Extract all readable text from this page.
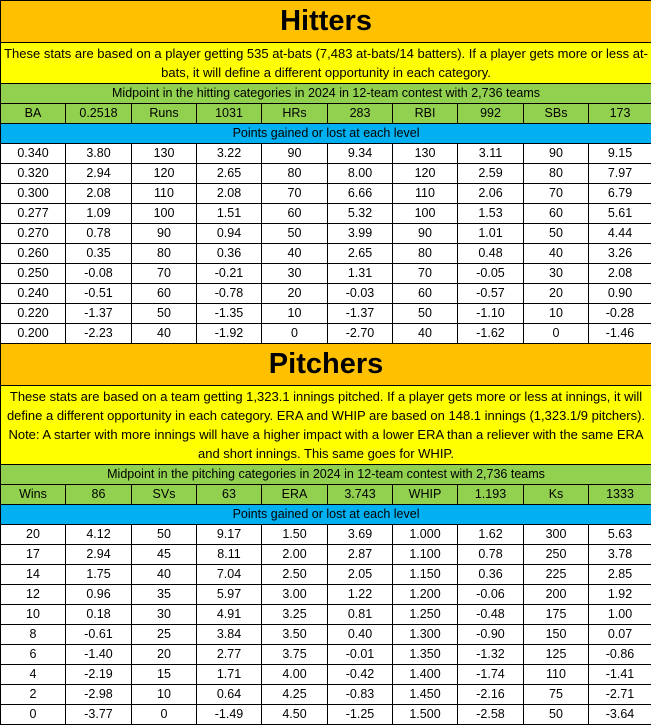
Hitters									
These stats are based on a player getting 535 at-bats (7,483 at-bats/14 batters). If a player gets more or less at-bats, it will define a different opportunity in each category.									
Midpoint in the hitting categories in 2024 in 12-team contest with 2,736 teams									
BA	0.2518	Runs	1031	HRs	283	RBI	992	SBs	173
Points gained or lost at each level									
0.340	3.80	130	3.22	90	9.34	130	3.11	90	9.15
0.320	2.94	120	2.65	80	8.00	120	2.59	80	7.97
0.300	2.08	110	2.08	70	6.66	110	2.06	70	6.79
0.277	1.09	100	1.51	60	5.32	100	1.53	60	5.61
0.270	0.78	90	0.94	50	3.99	90	1.01	50	4.44
0.260	0.35	80	0.36	40	2.65	80	0.48	40	3.26
0.250	-0.08	70	-0.21	30	1.31	70	-0.05	30	2.08
0.240	-0.51	60	-0.78	20	-0.03	60	-0.57	20	0.90
0.220	-1.37	50	-1.35	10	-1.37	50	-1.10	10	-0.28
0.200	-2.23	40	-1.92	0	-2.70	40	-1.62	0	-1.46
Pitchers									
These stats are based on a team getting 1,323.1 innings pitched. If a player gets more or less at innings, it will define a different opportunity in each category. ERA and WHIP are based on 148.1 innings (1,323.1/9 pitchers). Note: A starter with more innings will have a higher impact with a lower ERA than a reliever with the same ERA and short innings. This same goes for WHIP.									
Midpoint in the pitching categories in 2024 in 12-team contest with 2,736 teams									
Wins	86	SVs	63	ERA	3.743	WHIP	1.193	Ks	1333
Points gained or lost at each level									
20	4.12	50	9.17	1.50	3.69	1.000	1.62	300	5.63
17	2.94	45	8.11	2.00	2.87	1.100	0.78	250	3.78
14	1.75	40	7.04	2.50	2.05	1.150	0.36	225	2.85
12	0.96	35	5.97	3.00	1.22	1.200	-0.06	200	1.92
10	0.18	30	4.91	3.25	0.81	1.250	-0.48	175	1.00
8	-0.61	25	3.84	3.50	0.40	1.300	-0.90	150	0.07
6	-1.40	20	2.77	3.75	-0.01	1.350	-1.32	125	-0.86
4	-2.19	15	1.71	4.00	-0.42	1.400	-1.74	110	-1.41
2	-2.98	10	0.64	4.25	-0.83	1.450	-2.16	75	-2.71
0	-3.77	0	-1.49	4.50	-1.25	1.500	-2.58	50	-3.64
